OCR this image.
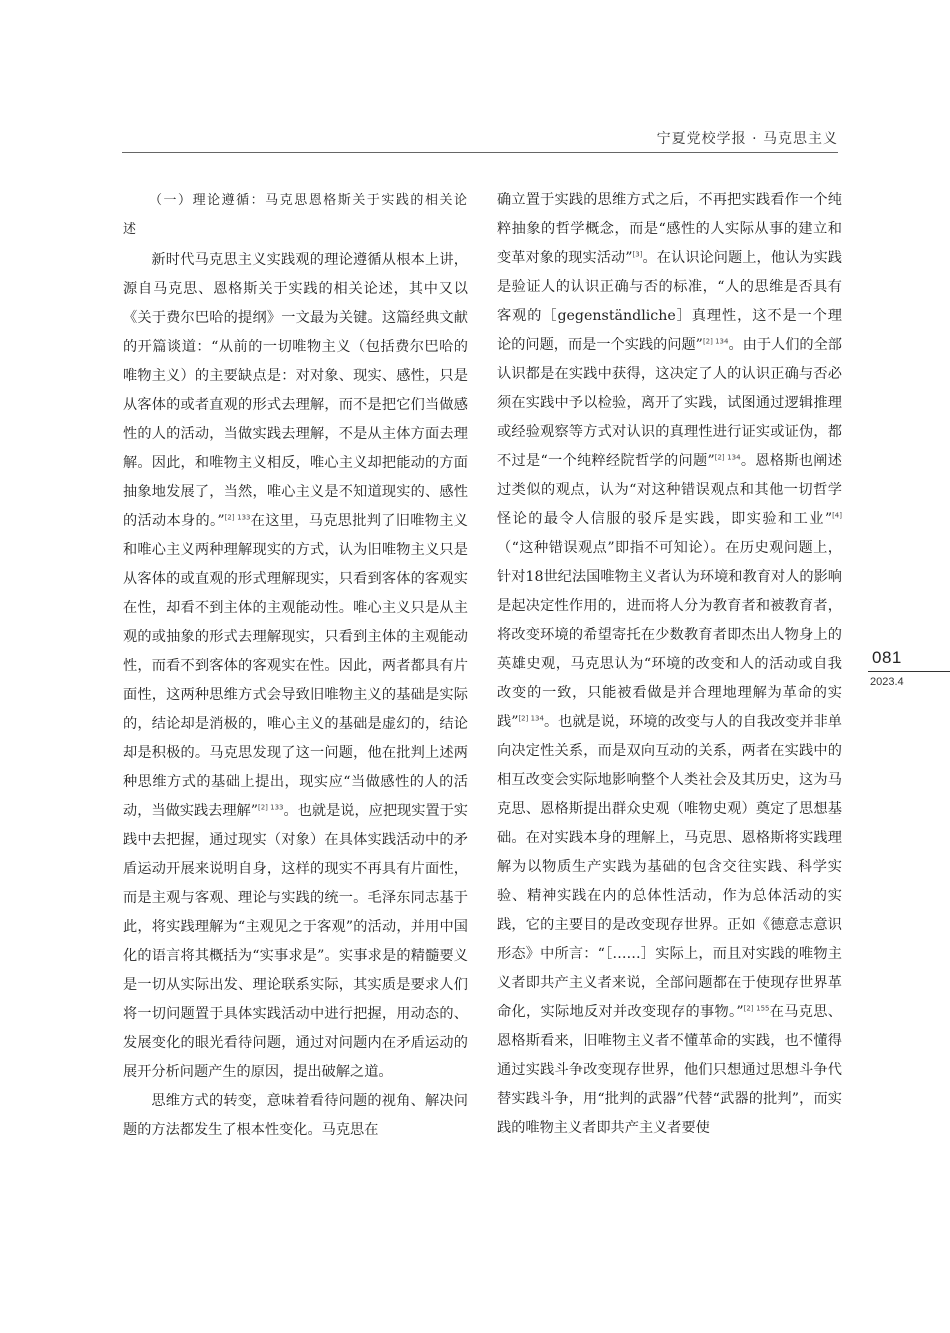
宁夏党校学报 · 马克思主义

（一）理论遵循：马克思恩格斯关于实践的相关论述

新时代马克思主义实践观的理论遵循从根本上讲，源自马克思、恩格斯关于实践的相关论述，其中又以《关于费尔巴哈的提纲》一文最为关键。这篇经典文献的开篇谈道：“从前的一切唯物主义（包括费尔巴哈的唯物主义）的主要缺点是：对对象、现实、感性，只是从客体的或者直观的形式去理解，而不是把它们当做感性的人的活动，当做实践去理解，不是从主体方面去理解。因此，和唯物主义相反，唯心主义却把能动的方面抽象地发展了，当然，唯心主义是不知道现实的、感性的活动本身的。”$^{[2] 133}$在这里，马克思批判了旧唯物主义和唯心主义两种理解现实的方式，认为旧唯物主义只是从客体的或直观的形式理解现实，只看到客体的客观实在性，却看不到主体的主观能动性。唯心主义只是从主观的或抽象的形式去理解现实，只看到主体的主观能动性，而看不到客体的客观实在性。因此，两者都具有片面性，这两种思维方式会导致旧唯物主义的基础是实际的，结论却是消极的，唯心主义的基础是虚幻的，结论却是积极的。马克思发现了这一问题，他在批判上述两种思维方式的基础上提出，现实应“当做感性的人的活动，当做实践去理解”$^{[2] 133}$。也就是说，应把现实置于实践中去把握，通过现实（对象）在具体实践活动中的矛盾运动开展来说明自身，这样的现实不再具有片面性，而是主观与客观、理论与实践的统一。毛泽东同志基于此，将实践理解为“主观见之于客观”的活动，并用中国化的语言将其概括为“实事求是”。实事求是的精髓要义是一切从实际出发、理论联系实际，其实质是要求人们将一切问题置于具体实践活动中进行把握，用动态的、发展变化的眼光看待问题，通过对问题内在矛盾运动的展开分析问题产生的原因，提出破解之道。

思维方式的转变，意味着看待问题的视角、解决问题的方法都发生了根本性变化。马克思在

确立置于实践的思维方式之后，不再把实践看作一个纯粹抽象的哲学概念，而是“感性的人实际从事的建立和变革对象的现实活动”[3]。在认识论问题上，他认为实践是验证人的认识正确与否的标准，“人的思维是否具有客观的［gegenständliche］真理性，这不是一个理论的问题，而是一个实践的问题”$^{[2] 134}$。由于人们的全部认识都是在实践中获得，这决定了人的认识正确与否必须在实践中予以检验，离开了实践，试图通过逻辑推理或经验观察等方式对认识的真理性进行证实或证伪，都不过是“一个纯粹经院哲学的问题”$^{[2] 134}$。恩格斯也阐述过类似的观点，认为“对这种错误观点和其他一切哲学怪论的最令人信服的驳斥是实践，即实验和工业”[4]（“这种错误观点”即指不可知论）。在历史观问题上，针对18世纪法国唯物主义者认为环境和教育对人的影响是起决定性作用的，进而将人分为教育者和被教育者，将改变环境的希望寄托在少数教育者即杰出人物身上的英雄史观，马克思认为“环境的改变和人的活动或自我改变的一致，只能被看做是并合理地理解为革命的实践”$^{[2] 134}$。也就是说，环境的改变与人的自我改变并非单向决定性关系，而是双向互动的关系，两者在实践中的相互改变会实际地影响整个人类社会及其历史，这为马克思、恩格斯提出群众史观（唯物史观）奠定了思想基础。在对实践本身的理解上，马克思、恩格斯将实践理解为以物质生产实践为基础的包含交往实践、科学实验、精神实践在内的总体性活动，作为总体活动的实践，它的主要目的是改变现存世界。正如《德意志意识形态》中所言：“［……］实际上，而且对实践的唯物主义者即共产主义者来说，全部问题都在于使现存世界革命化，实际地反对并改变现存的事物。”$^{[2] 155}$在马克思、恩格斯看来，旧唯物主义者不懂革命的实践，也不懂得通过实践斗争改变现存世界，他们只想通过思想斗争代替实践斗争，用“批判的武器”代替“武器的批判”，而实践的唯物主义者即共产主义者要使

081
2023.4
